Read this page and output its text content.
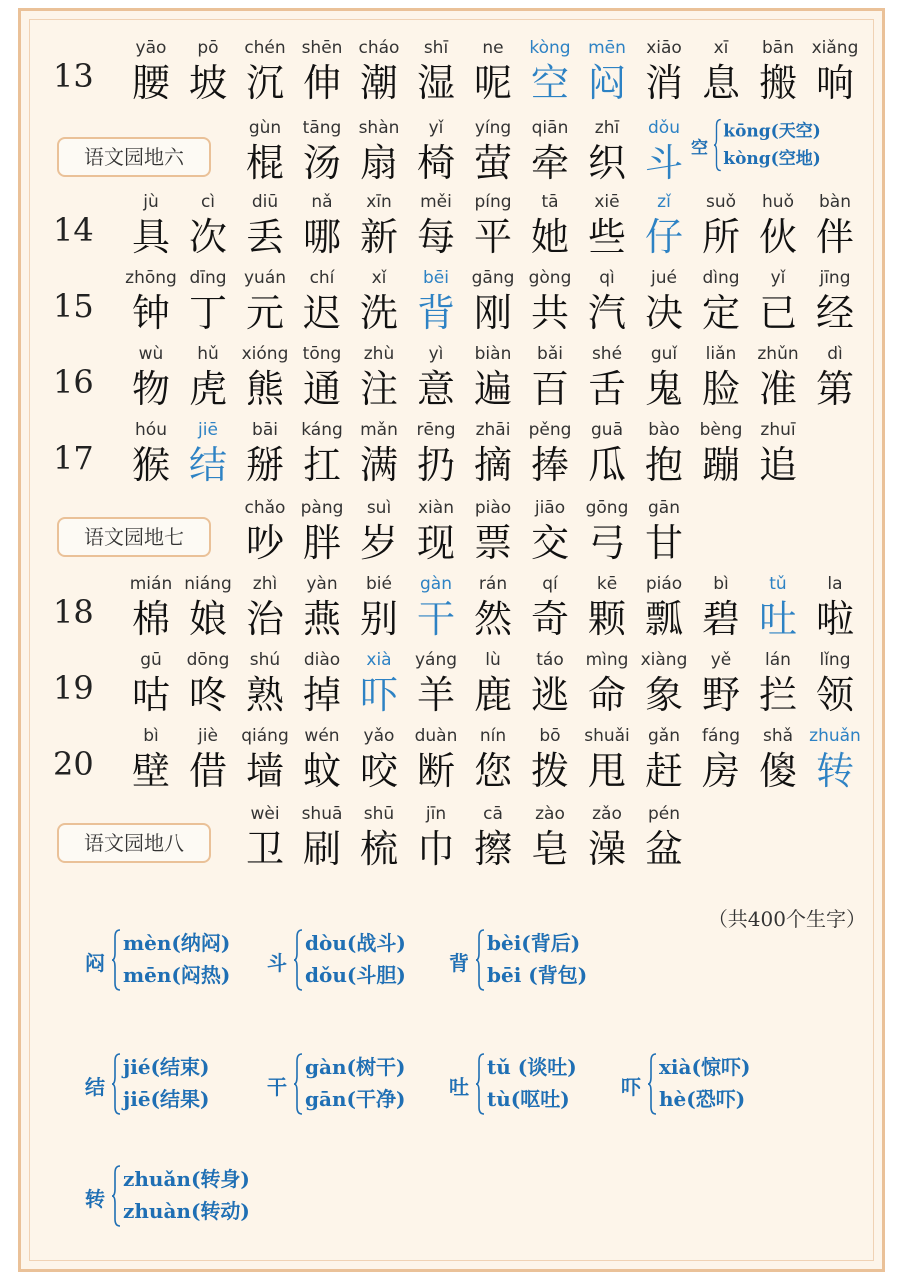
13
yāo
腰
pō
坡
chén
沉
shēn
伸
cháo
潮
shī
湿
ne
呢
kòng
空
mēn
闷
xiāo
消
xī
息
bān
搬
xiǎng
响
语文园地六
gùn
棍
tāng
汤
shàn
扇
yǐ
椅
yíng
萤
qiān
牵
zhī
织
dǒu
斗 空
kōng(天空)
kòng(空地)
14
jù
具
cì
次
diū
丢
nǎ
哪
xīn
新
měi
每
píng
平
tā
她
xiē
些
zǐ
仔
suǒ
所
huǒ
伙
bàn
伴
15
zhōng
钟
dīng
丁
yuán
元
chí
迟
xǐ
洗
bēi
背
gāng
刚
gòng
共
qì
汽
jué
决
dìng
定
yǐ
已
jīng
经
16
wù
物
hǔ
虎
xióng
熊
tōng
通
zhù
注
yì
意
biàn
遍
bǎi
百
shé
舌
guǐ
鬼
liǎn
脸
zhǔn
准
dì
第
17
hóu
猴
jiē
结
bāi
掰
káng
扛
mǎn
满
rēng
扔
zhāi
摘
pěng
捧
guā
瓜
bào
抱
bèng
蹦
zhuī
追
语文园地七
chǎo
吵
pàng
胖
suì
岁
xiàn
现
piào
票
jiāo
交
gōng
弓
gān
甘
18
mián
棉
niáng
娘
zhì
治
yàn
燕
bié
别
gàn
干
rán
然
qí
奇
kē
颗
piáo
瓢
bì
碧
tǔ
吐
la
啦
19
gū
咕
dōng
咚
shú
熟
diào
掉
xià
吓
yáng
羊
lù
鹿
táo
逃
mìng
命
xiàng
象
yě
野
lán
拦
lǐng
领
20
bì
壁
jiè
借
qiáng
墙
wén
蚊
yǎo
咬
duàn
断
nín
您
bō
拨
shuǎi
甩
gǎn
赶
fáng
房
shǎ
傻
zhuǎn
转
语文园地八
wèi
卫
shuā
刷
shū
梳
jīn
巾
cā
擦
zào
皂
zǎo
澡
pén
盆
（共400个生字）
闷
mèn(纳闷)
mēn(闷热) 斗
dòu(战斗)
dǒu(斗胆) 背
bèi(背后)
bēi (背包)
结
jié(结束)
jiē(结果)	干
gàn(树干)
gān(干净) 吐
tǔ (谈吐)
tù(呕吐)	吓
xià(惊吓)
hè(恐吓)
转
zhuǎn(转身)
zhuàn(转动)
